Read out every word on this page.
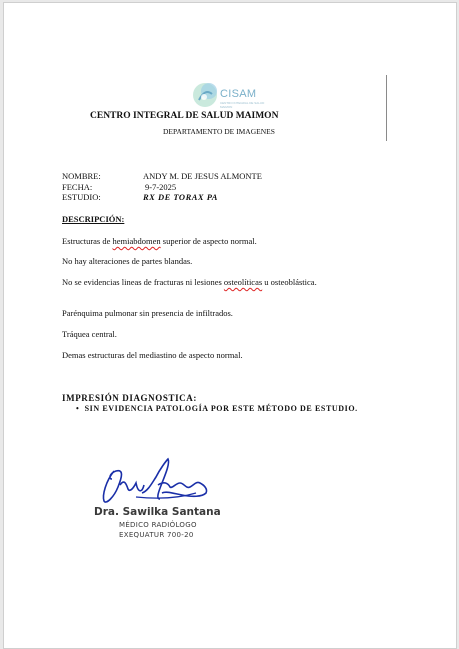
CISAM
CENTRO INTEGRAL DE SALUD MAIMON
CENTRO INTEGRAL DE SALUD MAIMON
DEPARTAMENTO DE IMAGENES
NOMBRE:	ANDY M. DE JESUS ALMONTE
FECHA:	9-7-2025
ESTUDIO:	RX DE TORAX PA
DESCRIPCIÓN:
Estructuras de hemiabdomen superior de aspecto normal.
No hay alteraciones de partes blandas.
No se evidencias lineas de fracturas ni lesiones osteolíticas u osteoblástica.
Parénquima pulmonar sin presencia de infiltrados.
Tráquea central.
Demas estructuras del mediastino de aspecto normal.
IMPRESIÓN DIAGNOSTICA:
•  SIN EVIDENCIA PATOLOGÍA POR ESTE MÉTODO DE ESTUDIO.
Dra. Sawilka Santana
MÉDICO RADIÓLOGO
EXEQUATUR 700-20
